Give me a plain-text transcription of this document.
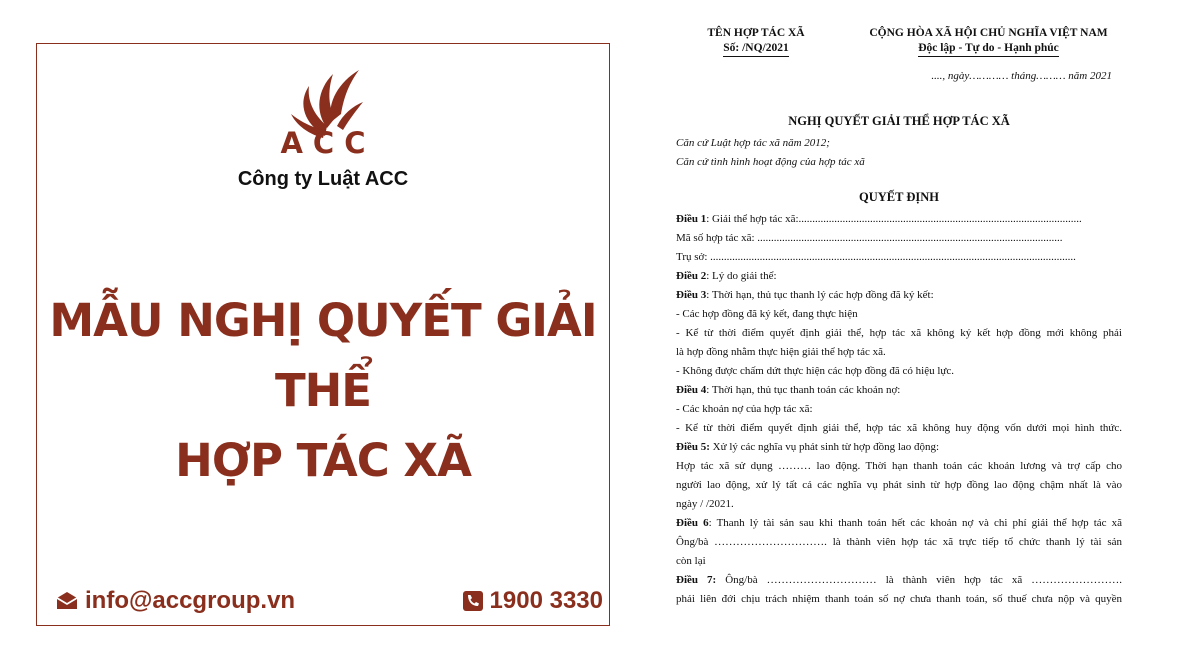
ACC
Công ty Luật ACC
MẪU NGHỊ QUYẾT GIẢI THỂ
HỢP TÁC XÃ
info@accgroup.vn	1900 3330
TÊN HỢP TÁC XÃ
Số: /NQ/2021
CỘNG HÒA XÃ HỘI CHỦ NGHĨA VIỆT NAM
Độc lập - Tự do - Hạnh phúc
...., ngày………… tháng……… năm 2021
NGHỊ QUYẾT GIẢI THỂ HỢP TÁC XÃ
Căn cứ Luật hợp tác xã năm 2012;
Căn cứ tình hình hoạt động của hợp tác xã
QUYẾT ĐỊNH

Điều 1: Giải thể hợp tác xã:.......................................................................................................

Mã số hợp tác xã: ...............................................................................................................

Trụ sở: .....................................................................................................................................

Điều 2: Lý do giải thể:

Điều 3: Thời hạn, thủ tục thanh lý các hợp đồng đã ký kết:

- Các hợp đồng đã ký kết, đang thực hiện

- Kể từ thời điểm quyết định giải thể, hợp tác xã không ký kết hợp đồng mới không phải

là hợp đồng nhằm thực hiện giải thể hợp tác xã.

- Không được chấm dứt thực hiện các hợp đồng đã có hiệu lực.

Điều 4: Thời hạn, thủ tục thanh toán các khoản nợ:

- Các khoản nợ của hợp tác xã:

- Kể từ thời điểm quyết định giải thể, hợp tác xã không huy động vốn dưới mọi hình thức.

Điều 5: Xử lý các nghĩa vụ phát sinh từ hợp đồng lao động:

Hợp tác xã sử dụng ……… lao động. Thời hạn thanh toán các khoản lương và trợ cấp cho

người lao động, xử lý tất cả các nghĩa vụ phát sinh từ hợp đồng lao động chậm nhất là vào

ngày / /2021.

Điều 6: Thanh lý tài sản sau khi thanh toán hết các khoản nợ và chi phí giải thể hợp tác xã

Ông/bà …………………………. là thành viên hợp tác xã trực tiếp tổ chức thanh lý tài sản

còn lại

Điều 7: Ông/bà ………………………… là thành viên hợp tác xã …………………….

phải liên đới chịu trách nhiệm thanh toán số nợ chưa thanh toán, số thuế chưa nộp và quyền
